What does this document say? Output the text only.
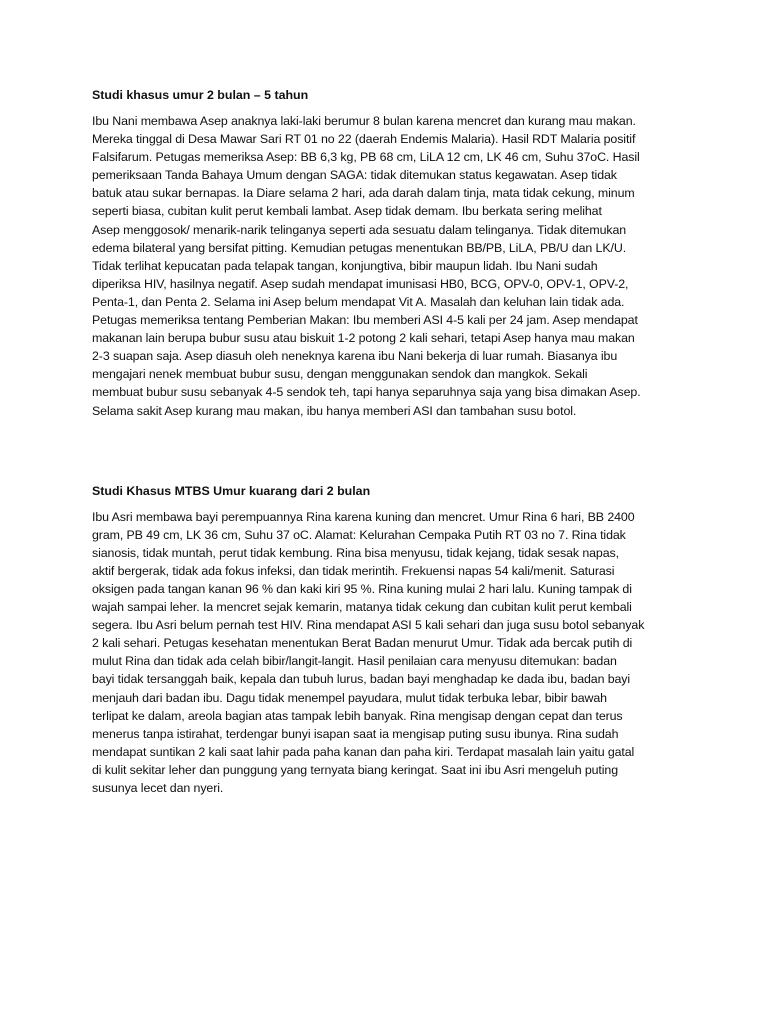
Studi khasus umur 2 bulan – 5 tahun
Ibu Nani membawa Asep anaknya laki-laki berumur 8 bulan karena mencret dan kurang mau makan.
Mereka tinggal di Desa Mawar Sari RT 01 no 22 (daerah Endemis Malaria). Hasil RDT Malaria positif
Falsifarum. Petugas memeriksa Asep: BB 6,3 kg, PB 68 cm, LiLA 12 cm, LK 46 cm, Suhu 37oC. Hasil
pemeriksaan Tanda Bahaya Umum dengan SAGA: tidak ditemukan status kegawatan. Asep tidak
batuk atau sukar bernapas. Ia Diare selama 2 hari, ada darah dalam tinja, mata tidak cekung, minum
seperti biasa, cubitan kulit perut kembali lambat. Asep tidak demam. Ibu berkata sering melihat
Asep menggosok/ menarik-narik telinganya seperti ada sesuatu dalam telinganya. Tidak ditemukan
edema bilateral yang bersifat pitting. Kemudian petugas menentukan BB/PB, LiLA, PB/U dan LK/U.
Tidak terlihat kepucatan pada telapak tangan, konjungtiva, bibir maupun lidah. Ibu Nani sudah
diperiksa HIV, hasilnya negatif. Asep sudah mendapat imunisasi HB0, BCG, OPV-0, OPV-1, OPV-2,
Penta-1, dan Penta 2. Selama ini Asep belum mendapat Vit A. Masalah dan keluhan lain tidak ada.
Petugas memeriksa tentang Pemberian Makan: Ibu memberi ASI 4-5 kali per 24 jam. Asep mendapat
makanan lain berupa bubur susu atau biskuit 1-2 potong 2 kali sehari, tetapi Asep hanya mau makan
2-3 suapan saja. Asep diasuh oleh neneknya karena ibu Nani bekerja di luar rumah. Biasanya ibu
mengajari nenek membuat bubur susu, dengan menggunakan sendok dan mangkok. Sekali
membuat bubur susu sebanyak 4-5 sendok teh, tapi hanya separuhnya saja yang bisa dimakan Asep.
Selama sakit Asep kurang mau makan, ibu hanya memberi ASI dan tambahan susu botol.
Studi Khasus MTBS Umur kuarang dari 2 bulan
Ibu Asri membawa bayi perempuannya Rina karena kuning dan mencret. Umur Rina 6 hari, BB 2400
gram, PB 49 cm, LK 36 cm, Suhu 37 oC. Alamat: Kelurahan Cempaka Putih RT 03 no 7. Rina tidak
sianosis, tidak muntah, perut tidak kembung. Rina bisa menyusu, tidak kejang, tidak sesak napas,
aktif bergerak, tidak ada fokus infeksi, dan tidak merintih. Frekuensi napas 54 kali/menit. Saturasi
oksigen pada tangan kanan 96 % dan kaki kiri 95 %. Rina kuning mulai 2 hari lalu. Kuning tampak di
wajah sampai leher. Ia mencret sejak kemarin, matanya tidak cekung dan cubitan kulit perut kembali
segera. Ibu Asri belum pernah test HIV. Rina mendapat ASI 5 kali sehari dan juga susu botol sebanyak
2 kali sehari. Petugas kesehatan menentukan Berat Badan menurut Umur. Tidak ada bercak putih di
mulut Rina dan tidak ada celah bibir/langit-langit. Hasil penilaian cara menyusu ditemukan: badan
bayi tidak tersanggah baik, kepala dan tubuh lurus, badan bayi menghadap ke dada ibu, badan bayi
menjauh dari badan ibu. Dagu tidak menempel payudara, mulut tidak terbuka lebar, bibir bawah
terlipat ke dalam, areola bagian atas tampak lebih banyak. Rina mengisap dengan cepat dan terus
menerus tanpa istirahat, terdengar bunyi isapan saat ia mengisap puting susu ibunya. Rina sudah
mendapat suntikan 2 kali saat lahir pada paha kanan dan paha kiri. Terdapat masalah lain yaitu gatal
di kulit sekitar leher dan punggung yang ternyata biang keringat. Saat ini ibu Asri mengeluh puting
susunya lecet dan nyeri.
